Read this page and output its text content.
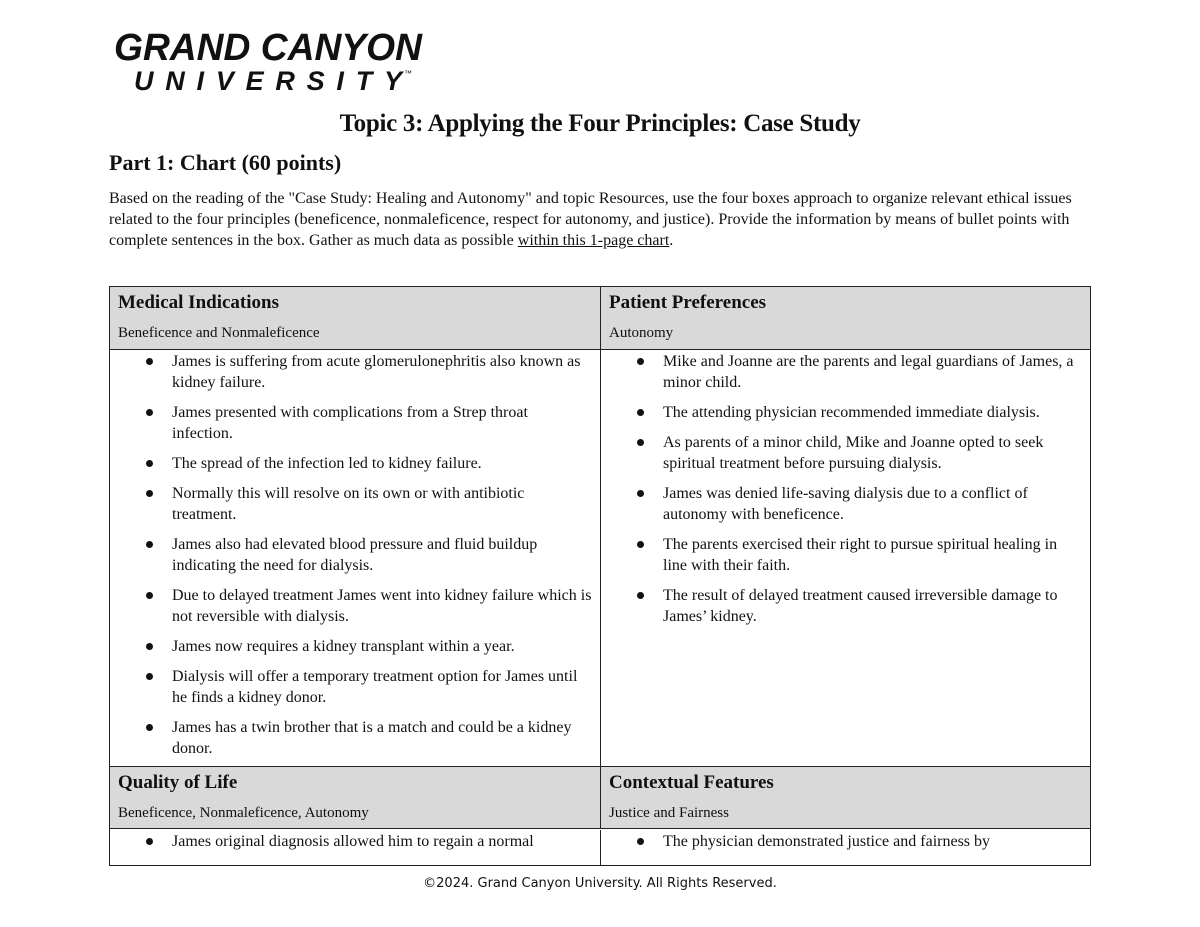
GRAND CANYON
UNIVERSITY ™
Topic 3: Applying the Four Principles: Case Study
Part 1: Chart (60 points)

Based on the reading of the "Case Study: Healing and Autonomy" and topic Resources, use the four boxes approach to organize relevant ethical issues related to the four principles (beneficence, nonmaleficence, respect for autonomy, and justice). Provide the information by means of bullet points with complete sentences in the box. Gather as much data as possible within this 1-page chart.

Medical Indications
Beneficence and Nonmaleficence
Patient Preferences
Autonomy
James is suffering from acute glomerulonephritis also known as kidney failure.
James presented with complications from a Strep throat infection.
The spread of the infection led to kidney failure.
Normally this will resolve on its own or with antibiotic treatment.
James also had elevated blood pressure and fluid buildup indicating the need for dialysis.
Due to delayed treatment James went into kidney failure which is not reversible with dialysis.
James now requires a kidney transplant within a year.
Dialysis will offer a temporary treatment option for James until he finds a kidney donor.
James has a twin brother that is a match and could be a kidney donor.
Mike and Joanne are the parents and legal guardians of James, a minor child.
The attending physician recommended immediate dialysis.
As parents of a minor child, Mike and Joanne opted to seek spiritual treatment before pursuing dialysis.
James was denied life-saving dialysis due to a conflict of autonomy with beneficence.
The parents exercised their right to pursue spiritual healing in line with their faith.
The result of delayed treatment caused irreversible damage to James’ kidney.
Quality of Life
Beneficence, Nonmaleficence, Autonomy
Contextual Features
Justice and Fairness
James original diagnosis allowed him to regain a normal	The physician demonstrated justice and fairness by
©2024. Grand Canyon University. All Rights Reserved.
